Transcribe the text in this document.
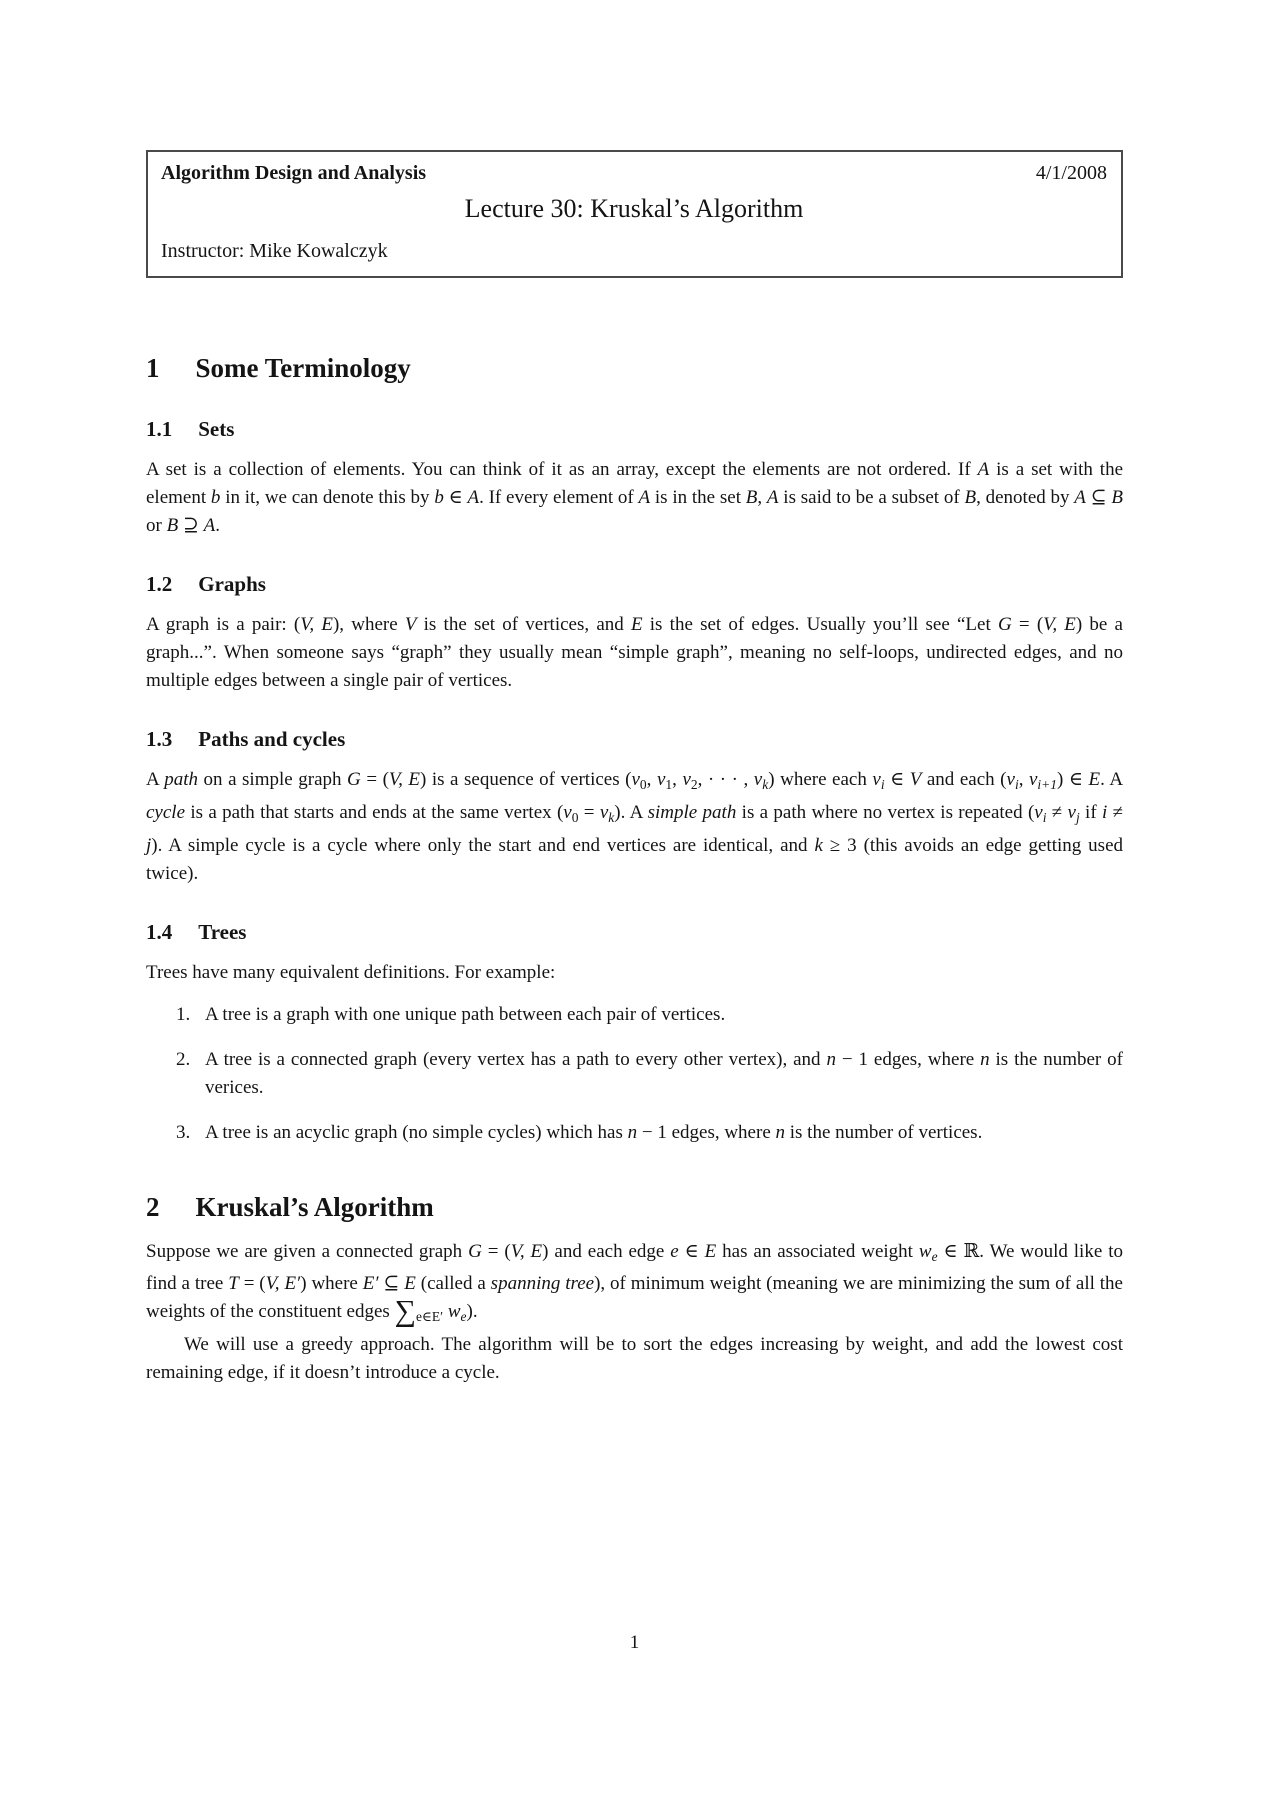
Algorithm Design and Analysis	4/1/2008
Lecture 30: Kruskal’s Algorithm
Instructor: Mike Kowalczyk
1 Some Terminology
1.1 Sets

A set is a collection of elements. You can think of it as an array, except the elements are not ordered. If A is a set with the element b in it, we can denote this by b ∈ A. If every element of A is in the set B, A is said to be a subset of B, denoted by A ⊆ B or B ⊇ A.

1.2 Graphs

A graph is a pair: (V, E), where V is the set of vertices, and E is the set of edges. Usually you’ll see “Let G = (V, E) be a graph...”. When someone says “graph” they usually mean “simple graph”, meaning no self-loops, undirected edges, and no multiple edges between a single pair of vertices.

1.3 Paths and cycles

A path on a simple graph G = (V, E) is a sequence of vertices (v0, v1, v2, · · · , vk) where each vi ∈ V and each (vi, vi+1) ∈ E. A cycle is a path that starts and ends at the same vertex (v0 = vk). A simple path is a path where no vertex is repeated (vi ≠ vj if i ≠ j). A simple cycle is a cycle where only the start and end vertices are identical, and k ≥ 3 (this avoids an edge getting used twice).

1.4 Trees

Trees have many equivalent definitions. For example:

1. A tree is a graph with one unique path between each pair of vertices.
2. A tree is a connected graph (every vertex has a path to every other vertex), and n − 1 edges, where n is the number of verices.
3. A tree is an acyclic graph (no simple cycles) which has n − 1 edges, where n is the number of vertices.
2 Kruskal’s Algorithm

Suppose we are given a connected graph G = (V, E) and each edge e ∈ E has an associated weight we ∈ ℝ. We would like to find a tree T = (V, E′) where E′ ⊆ E (called a spanning tree), of minimum weight (meaning we are minimizing the sum of all the weights of the constituent edges ∑e∈E′ we).

We will use a greedy approach. The algorithm will be to sort the edges increasing by weight, and add the lowest cost remaining edge, if it doesn’t introduce a cycle.

1
